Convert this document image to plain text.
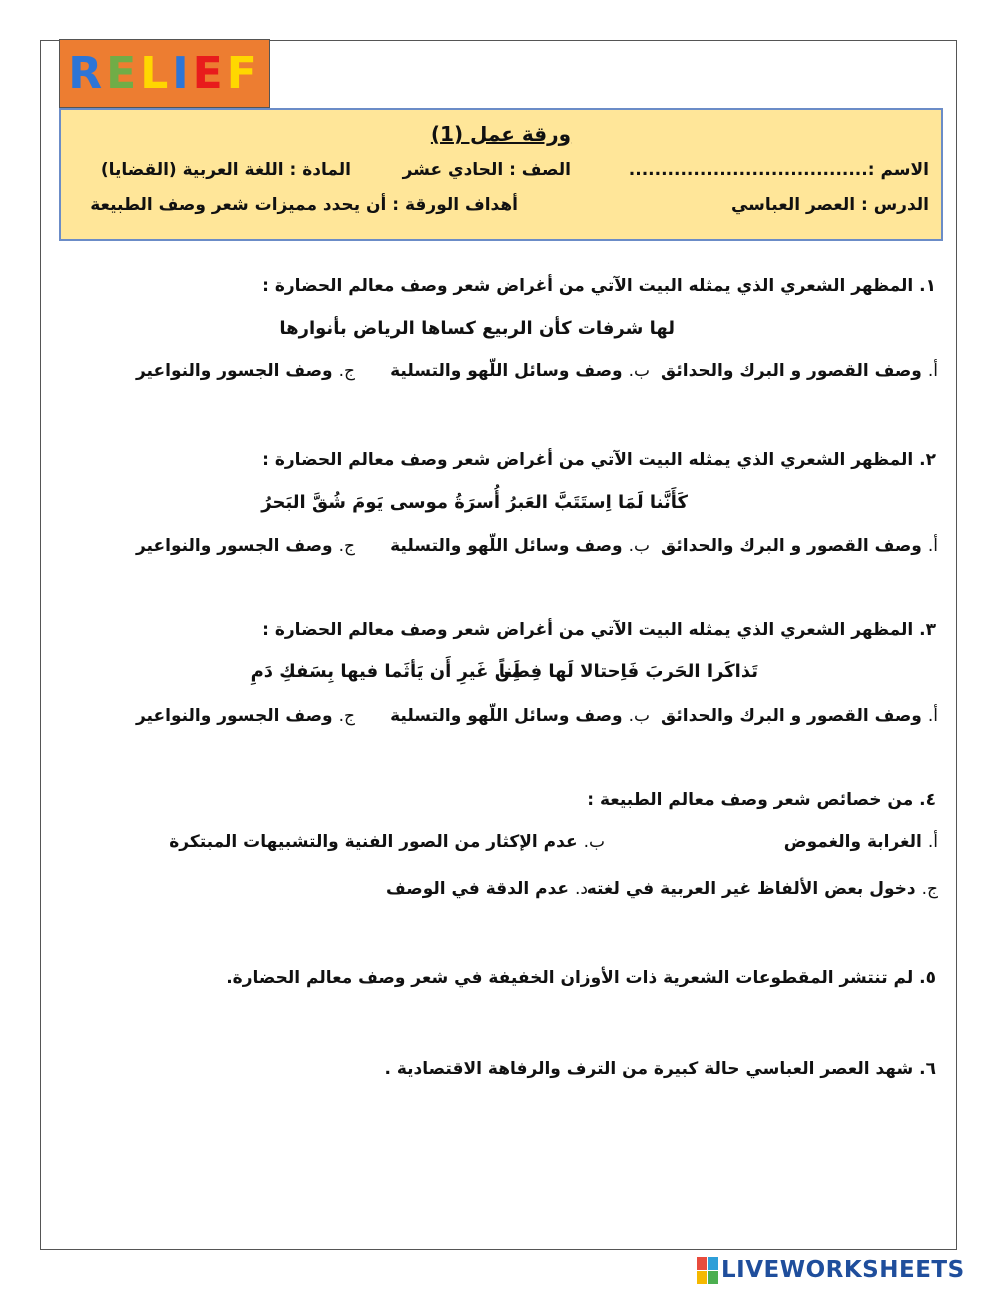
RELIEF
ورقة عمل (1)
الاسم :.....................................
الصف : الحادي عشر
المادة : اللغة العربية (القضايا)
الدرس : العصر العباسي
أهداف الورقة : أن يحدد مميزات شعر وصف الطبيعة
١. المظهر الشعري الذي يمثله البيت الآتي من أغراض شعر وصف معالم الحضارة :
لها شرفات كأن الربيع كساها الرياض بأنوارها
أ.وصف القصور و البرك والحدائق
ب.وصف وسائل اللّهو والتسلية
ج.وصف الجسور والنواعير
٢. المظهر الشعري الذي يمثله البيت الآتي من أغراض شعر وصف معالم الحضارة :
كَأَنَّنا لَمَا اِستَتَبَّ العَبرُ أُسرَةُ موسى يَومَ شُقَّ البَحرُ
أ.وصف القصور و البرك والحدائق
ب.وصف وسائل اللّهو والتسلية
ج.وصف الجسور والنواعير
٣. المظهر الشعري الذي يمثله البيت الآتي من أغراض شعر وصف معالم الحضارة :
تَذاكَرا الحَربَ فَاِحتالا لَها فِطَناً
مِن غَيرِ أَن يَأثَما فيها بِسَفكِ دَمِ
أ.وصف القصور و البرك والحدائق
ب.وصف وسائل اللّهو والتسلية
ج.وصف الجسور والنواعير
٤. من خصائص شعر وصف معالم الطبيعة :
أ.الغرابة والغموض
ب.عدم الإكثار من الصور الفنية والتشبيهات المبتكرة
ج.دخول بعض الألفاظ غير العربية في لغته
د.عدم الدقة في الوصف
٥. لم تنتشر المقطوعات الشعرية ذات الأوزان الخفيفة في شعر وصف معالم الحضارة.
٦. شهد العصر العباسي حالة كبيرة من الترف والرفاهة الاقتصادية .
LIVEWORKSHEETS
